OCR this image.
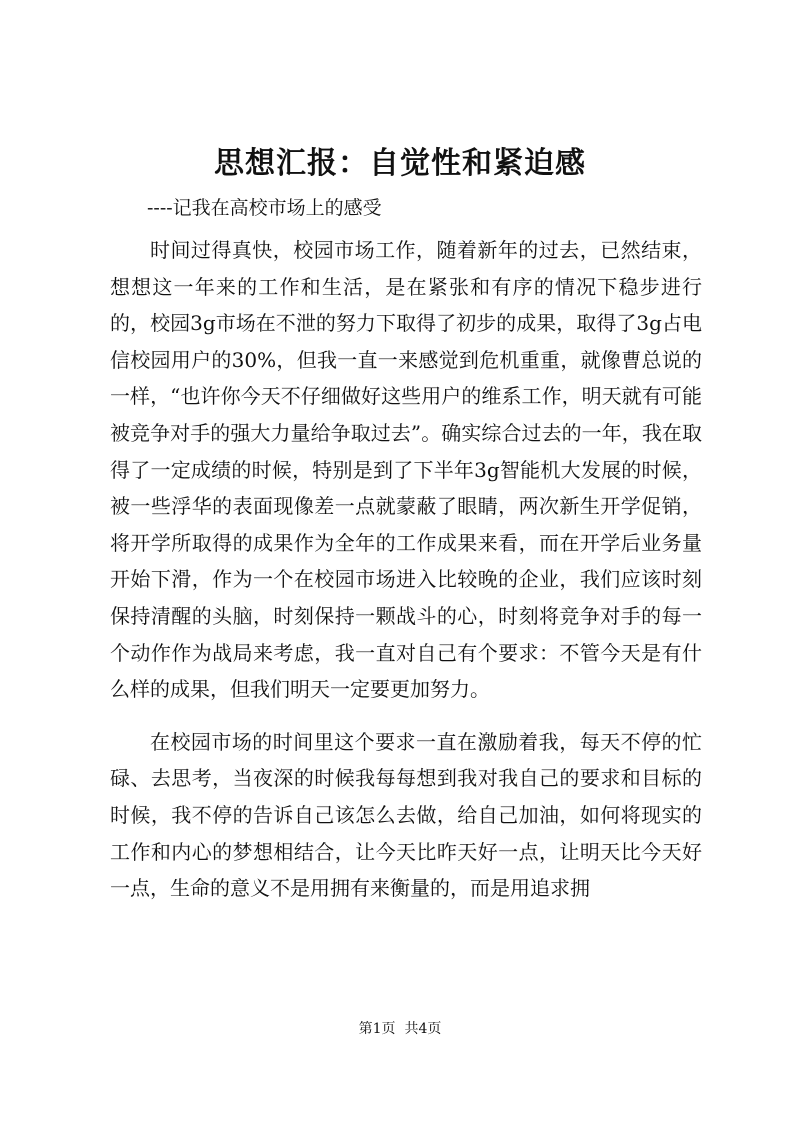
思想汇报：自觉性和紧迫感

----记我在高校市场上的感受

时间过得真快，校园市场工作，随着新年的过去，已然结束，想想这一年来的工作和生活，是在紧张和有序的情况下稳步进行的，校园3g市场在不泄的努力下取得了初步的成果，取得了3g占电信校园用户的30%，但我一直一来感觉到危机重重，就像曹总说的一样，“也许你今天不仔细做好这些用户的维系工作，明天就有可能被竞争对手的强大力量给争取过去”。确实综合过去的一年，我在取得了一定成绩的时候，特别是到了下半年3g智能机大发展的时候，被一些浮华的表面现像差一点就蒙蔽了眼睛，两次新生开学促销，将开学所取得的成果作为全年的工作成果来看，而在开学后业务量开始下滑，作为一个在校园市场进入比较晚的企业，我们应该时刻保持清醒的头脑，时刻保持一颗战斗的心，时刻将竞争对手的每一个动作作为战局来考虑，我一直对自己有个要求：不管今天是有什么样的成果，但我们明天一定要更加努力。

在校园市场的时间里这个要求一直在激励着我，每天不停的忙碌、去思考，当夜深的时候我每每想到我对我自己的要求和目标的时候，我不停的告诉自己该怎么去做，给自己加油，如何将现实的工作和内心的梦想相结合，让今天比昨天好一点，让明天比今天好一点，生命的意义不是用拥有来衡量的，而是用追求拥

第1页  共4页
